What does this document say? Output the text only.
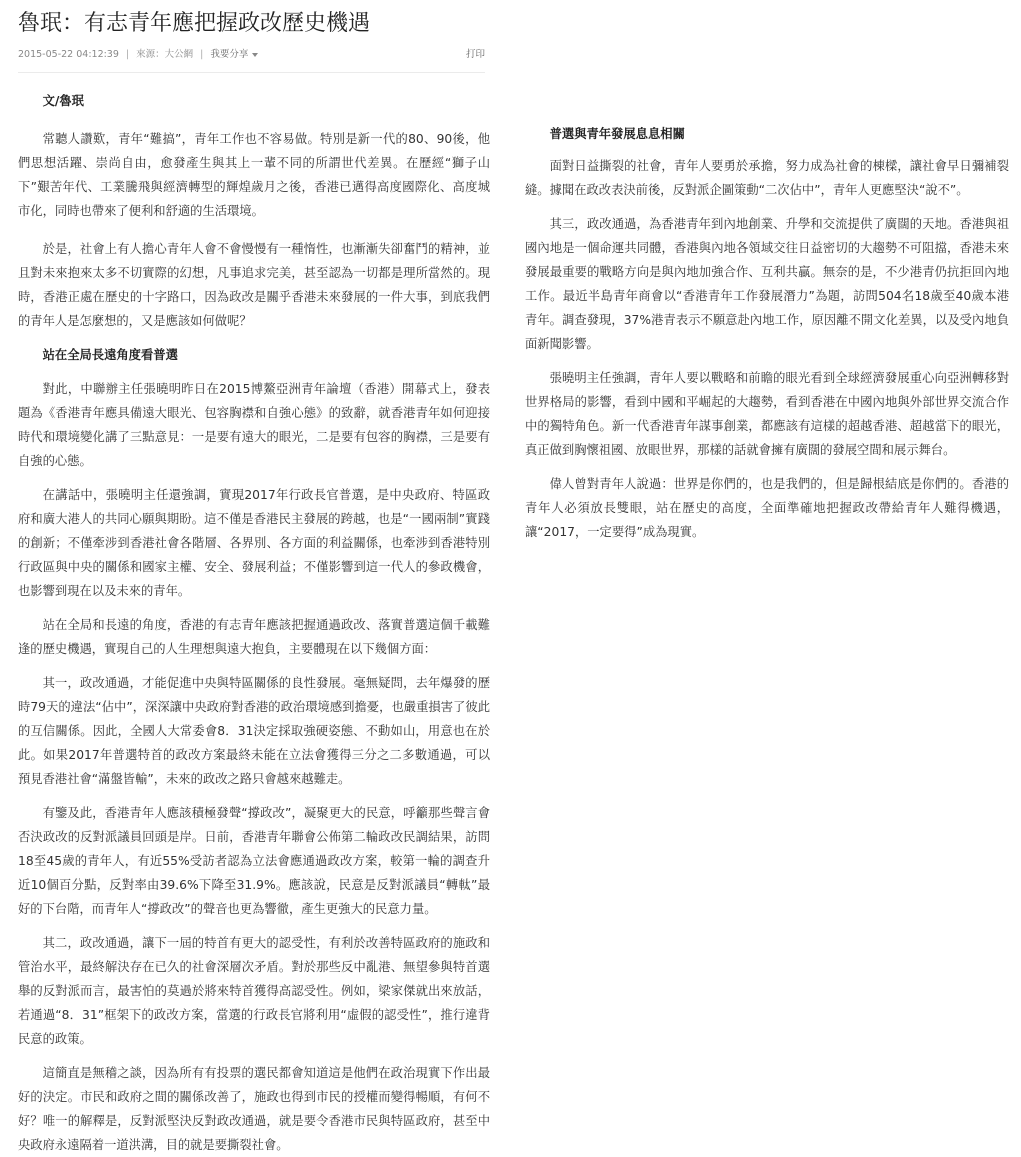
魯珉：有志青年應把握政改歷史機遇
2015-05-22 04:12:39 | 來源：大公網 | 我要分享	打印
文/魯珉

常聽人讚歎，青年“難搞”，青年工作也不容易做。特別是新一代的80、90後，他們思想活躍、崇尚自由，愈發產生與其上一輩不同的所謂世代差異。在歷經“獅子山下”艱苦年代、工業騰飛與經濟轉型的輝煌歲月之後，香港已邁得高度國際化、高度城市化，同時也帶來了便利和舒適的生活環境。

於是，社會上有人擔心青年人會不會慢慢有一種惰性，也漸漸失卻奮鬥的精神，並且對未來抱來太多不切實際的幻想，凡事追求完美，甚至認為一切都是理所當然的。現時，香港正處在歷史的十字路口，因為政改是關乎香港未來發展的一件大事，到底我們的青年人是怎麼想的，又是應該如何做呢？

站在全局長遠角度看普選

對此，中聯辦主任張曉明昨日在2015博鰲亞洲青年論壇（香港）開幕式上，發表題為《香港青年應具備遠大眼光、包容胸襟和自強心態》的致辭，就香港青年如何迎接時代和環境變化講了三點意見：一是要有遠大的眼光，二是要有包容的胸襟，三是要有自強的心態。

在講話中，張曉明主任還強調，實現2017年行政長官普選，是中央政府、特區政府和廣大港人的共同心願與期盼。這不僅是香港民主發展的跨越，也是“一國兩制”實踐的創新；不僅牽涉到香港社會各階層、各界別、各方面的利益關係，也牽涉到香港特別行政區與中央的關係和國家主權、安全、發展利益；不僅影響到這一代人的參政機會，也影響到現在以及未來的青年。

站在全局和長遠的角度，香港的有志青年應該把握通過政改、落實普選這個千載難逢的歷史機遇，實現自己的人生理想與遠大抱負，主要體現在以下幾個方面：

其一，政改通過，才能促進中央與特區關係的良性發展。毫無疑問，去年爆發的歷時79天的違法“佔中”，深深讓中央政府對香港的政治環境感到擔憂，也嚴重損害了彼此的互信關係。因此，全國人大常委會8．31決定採取強硬姿態、不動如山，用意也在於此。如果2017年普選特首的政改方案最終未能在立法會獲得三分之二多數通過，可以預見香港社會“滿盤皆輸”，未來的政改之路只會越來越難走。

有鑒及此，香港青年人應該積極發聲“撐政改”，凝聚更大的民意，呼籲那些聲言會否決政改的反對派議員回頭是岸。日前，香港青年聯會公佈第二輪政改民調結果，訪問18至45歲的青年人，有近55%受訪者認為立法會應通過政改方案，較第一輪的調查升近10個百分點，反對率由39.6%下降至31.9%。應該說，民意是反對派議員“轉軚”最好的下台階，而青年人“撐政改”的聲音也更為響徹，產生更強大的民意力量。

其二，政改通過，讓下一屆的特首有更大的認受性，有利於改善特區政府的施政和管治水平，最終解決存在已久的社會深層次矛盾。對於那些反中亂港、無望參與特首選舉的反對派而言，最害怕的莫過於將來特首獲得高認受性。例如，梁家傑就出來放話，若通過“8．31”框架下的政改方案，當選的行政長官將利用“虛假的認受性”，推行違背民意的政策。

這簡直是無稽之談，因為所有有投票的選民都會知道這是他們在政治現實下作出最好的決定。市民和政府之間的關係改善了，施政也得到市民的授權而變得暢順，有何不好？唯一的解釋是，反對派堅決反對政改通過，就是要令香港市民與特區政府，甚至中央政府永遠隔着一道洪溝，目的就是要撕裂社會。

普選與青年發展息息相關

面對日益撕裂的社會，青年人要勇於承擔，努力成為社會的棟樑，讓社會早日彌補裂縫。據聞在政改表決前後，反對派企圖策動“二次佔中”，青年人更應堅決“說不”。

其三，政改通過，為香港青年到內地創業、升學和交流提供了廣闊的天地。香港與祖國內地是一個命運共同體，香港與內地各領域交往日益密切的大趨勢不可阻擋，香港未來發展最重要的戰略方向是與內地加強合作、互利共贏。無奈的是，不少港青仍抗拒回內地工作。最近半島青年商會以“香港青年工作發展潛力”為題，訪問504名18歲至40歲本港青年。調查發現，37%港青表示不願意赴內地工作，原因離不開文化差異，以及受內地負面新聞影響。

張曉明主任強調，青年人要以戰略和前瞻的眼光看到全球經濟發展重心向亞洲轉移對世界格局的影響，看到中國和平崛起的大趨勢，看到香港在中國內地與外部世界交流合作中的獨特角色。新一代香港青年謀事創業，都應該有這樣的超越香港、超越當下的眼光，真正做到胸懷祖國、放眼世界，那樣的話就會擁有廣闊的發展空間和展示舞台。

偉人曾對青年人說過：世界是你們的，也是我們的，但是歸根結底是你們的。香港的青年人必須放長雙眼，站在歷史的高度，全面準確地把握政改帶給青年人難得機遇，讓“2017，一定要得”成為現實。
